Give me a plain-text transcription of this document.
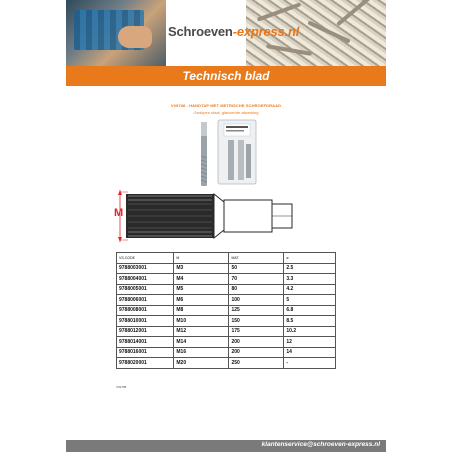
Schroeven-express.nl
Technisch blad
V09788 - HANDTAP MET METRISCHE SCHROEFDRAAD
Gedopen staal, glanzende afwerking
M
VS-CODE	M	MAT	ø
9788003001	M3	50	2.5
9788004001	M4	70	3.3
9788005001	M5	80	4.2
9788006001	M6	100	5
9788008001	M8	125	6.8
9788010001	M10	150	8.5
9788012001	M12	175	10.2
9788014001	M14	200	12
9788016001	M16	200	14
9788020001	M20	250	-
V09788
klantenservice@schroeven-express.nl
